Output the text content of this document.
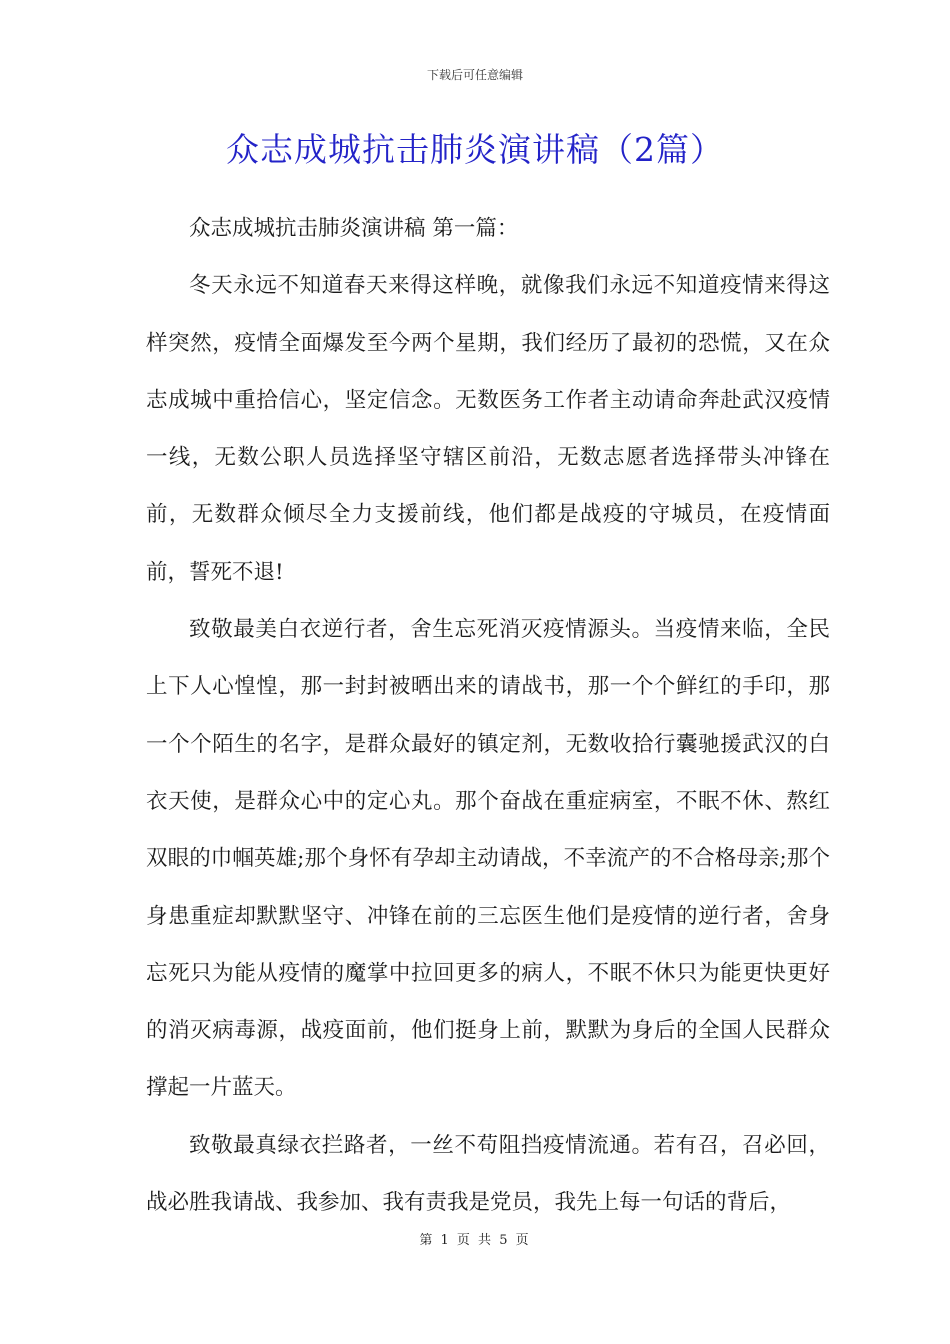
下载后可任意编辑
众志成城抗击肺炎演讲稿（2篇）

众志成城抗击肺炎演讲稿 第一篇：

冬天永远不知道春天来得这样晚，就像我们永远不知道疫情来得这样突然，疫情全面爆发至今两个星期，我们经历了最初的恐慌，又在众志成城中重拾信心，坚定信念。无数医务工作者主动请命奔赴武汉疫情一线，无数公职人员选择坚守辖区前沿，无数志愿者选择带头冲锋在前，无数群众倾尽全力支援前线，他们都是战疫的守城员，在疫情面前，誓死不退!

致敬最美白衣逆行者，舍生忘死消灭疫情源头。当疫情来临，全民上下人心惶惶，那一封封被晒出来的请战书，那一个个鲜红的手印，那一个个陌生的名字，是群众最好的镇定剂，无数收拾行囊驰援武汉的白衣天使，是群众心中的定心丸。那个奋战在重症病室，不眠不休、熬红双眼的巾帼英雄;那个身怀有孕却主动请战，不幸流产的不合格母亲;那个身患重症却默默坚守、冲锋在前的三忘医生他们是疫情的逆行者，舍身忘死只为能从疫情的魔掌中拉回更多的病人，不眠不休只为能更快更好的消灭病毒源，战疫面前，他们挺身上前，默默为身后的全国人民群众撑起一片蓝天。

致敬最真绿衣拦路者，一丝不苟阻挡疫情流通。若有召，召必回，战必胜我请战、我参加、我有责我是党员，我先上每一句话的背后，

第 1 页 共 5 页
